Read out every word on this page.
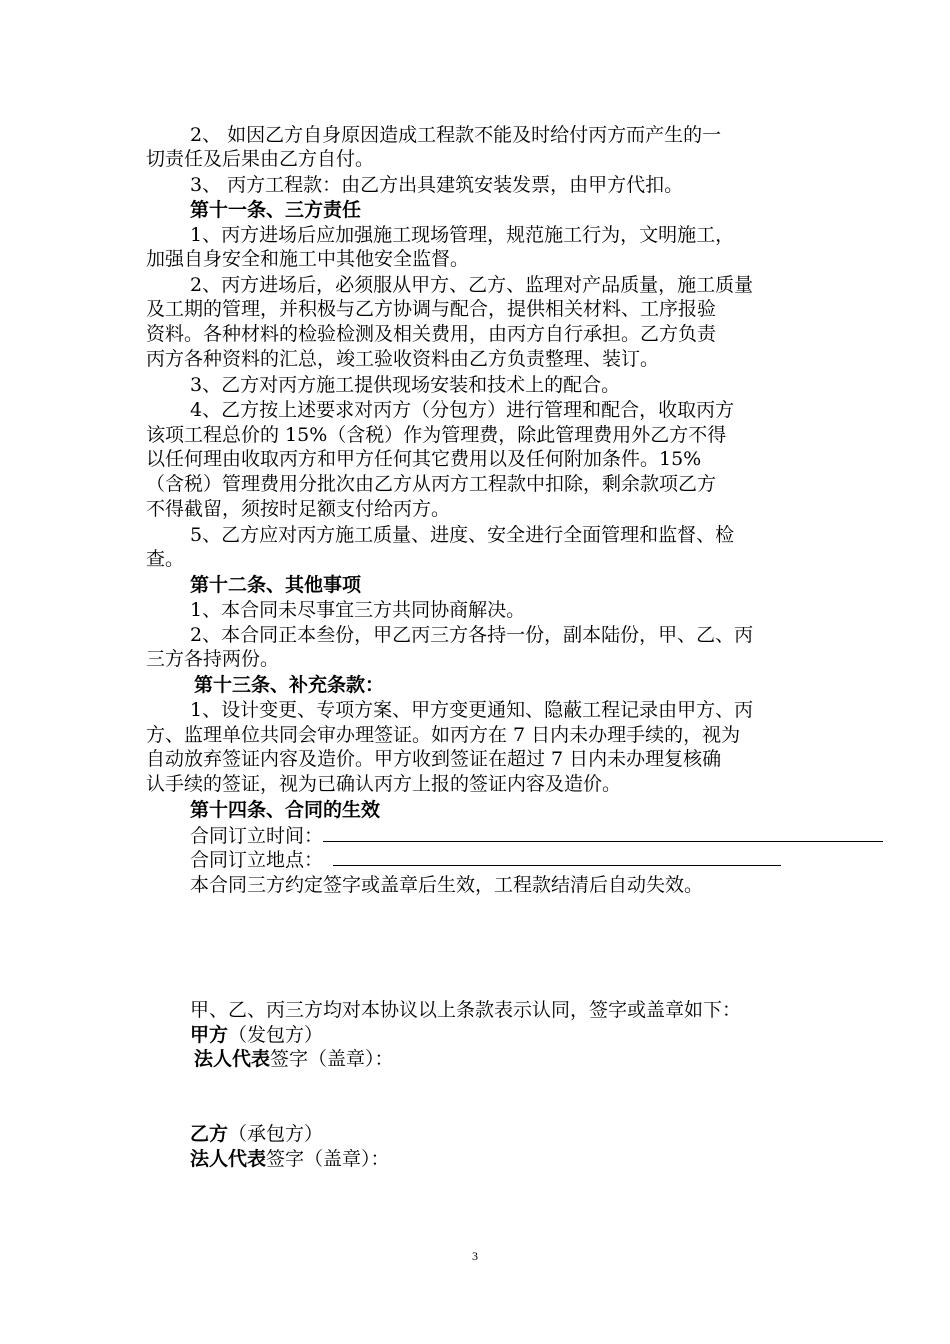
2、 如因乙方自身原因造成工程款不能及时给付丙方而产生的一
切责任及后果由乙方自付。
3、 丙方工程款：由乙方出具建筑安装发票，由甲方代扣。
第十一条、三方责任
1、丙方进场后应加强施工现场管理，规范施工行为，文明施工，
加强自身安全和施工中其他安全监督。
2、丙方进场后，必须服从甲方、乙方、监理对产品质量，施工质量
及工期的管理，并积极与乙方协调与配合，提供相关材料、工序报验
资料。各种材料的检验检测及相关费用，由丙方自行承担。乙方负责
丙方各种资料的汇总，竣工验收资料由乙方负责整理、装订。
3、乙方对丙方施工提供现场安装和技术上的配合。
4、乙方按上述要求对丙方（分包方）进行管理和配合，收取丙方
该项工程总价的 15%（含税）作为管理费，除此管理费用外乙方不得
以任何理由收取丙方和甲方任何其它费用以及任何附加条件。15%
（含税）管理费用分批次由乙方从丙方工程款中扣除，剩余款项乙方
不得截留，须按时足额支付给丙方。
5、乙方应对丙方施工质量、进度、安全进行全面管理和监督、检
查。
第十二条、其他事项
1、本合同未尽事宜三方共同协商解决。
2、本合同正本叁份，甲乙丙三方各持一份，副本陆份，甲、乙、丙
三方各持两份。
第十三条、补充条款：
1、设计变更、专项方案、甲方变更通知、隐蔽工程记录由甲方、丙
方、监理单位共同会审办理签证。如丙方在 7 日内未办理手续的，视为
自动放弃签证内容及造价。甲方收到签证在超过 7 日内未办理复核确
认手续的签证，视为已确认丙方上报的签证内容及造价。
第十四条、合同的生效
合同订立时间：
合同订立地点：
本合同三方约定签字或盖章后生效，工程款结清后自动失效。
甲、乙、丙三方均对本协议以上条款表示认同，签字或盖章如下：
甲方（发包方）
法人代表签字（盖章）：
乙方（承包方）
法人代表签字（盖章）：
3
